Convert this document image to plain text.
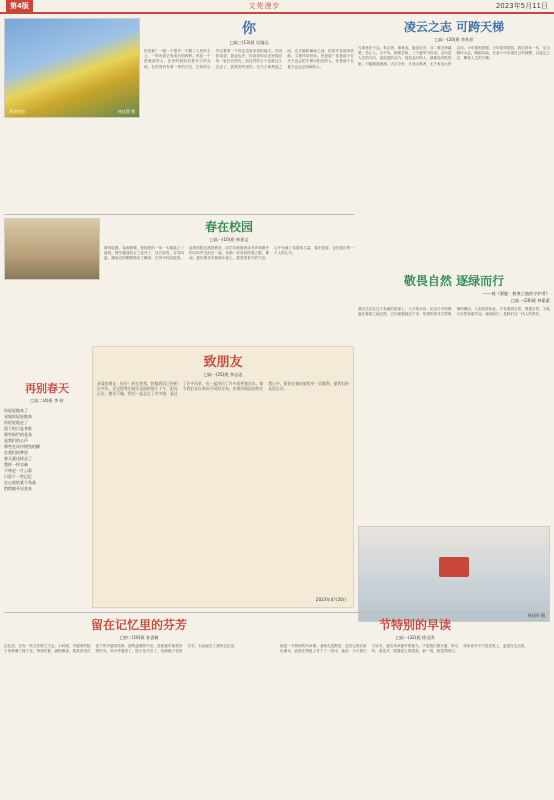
第4版	文苑漫步	2023年5月11日
黄花绽放	林佳慧 摄
你
□高三(13)班 吴镇远
你是谁？一眼一个很多一个鹅了人民的主义，一样有着它有成长的种种。你是一个很暖某的人，在你的面前有着多少的光明，在你背后有着一样的天空，在你的心中闪着着一个你还没有来到的地方。你说你希望，我说也许，你说你的目光里面总有一束长长的光，而这样的日子也就这么过去了。我常常听见你，在白天和黑夜之间，在长廊和操场之间，你的声音被风吹散，又被风带回来。你是谁？你是那个在冬天也会把手伸向阳光的人，你是那个在夏天也会记得雨的人。
凌云之志 可跨天梯
□高一(20)班 李兆祥
凡事皆在于志。有志者，事竟成，破釜沉舟，百二秦关终属楚；苦心人，天不负，卧薪尝胆，三千越甲可吞吴。志向是人生的方向，是前进的动力。没有志向的人，就像没有舵的船，只能随波逐流。古往今来，凡成大事者，无不有远大的志向。少年强则国强，少年智则国智。我们青年一代，应当胸怀大志，脚踏实地，在奋斗中实现自己的理想，以凌云之志，攀登人生的天梯。
春在校园
□高一(10)班 林嘉文
微风轻拂，春雨霏霏，校园里的一草一木都换上了新装。教学楼前的玉兰花开了，洁白如雪，芬芳四溢；操场边的柳树抽出了嫩芽，在风中轻轻摇曳。清晨的阳光洒进教室，同学们琅琅的读书声和窗外的鸟鸣声交织在一起，仿佛一首美妙的春之歌。课间，我们漫步在林荫小道上，感受着春天的气息，心中充满了希望和力量。春在校园，也在我们每一个人的心中。
敬畏自然 逐绿而行
——观《驯鹿：极寒之地的守护者》
□高一(26)班 林素素
我们生活在这个美丽的星球上，与万物共存。纪录片中的驯鹿在极寒之地迁徙，它们顽强地活下来，依靠的是对自然规律的顺应。人类同样如此，只有敬畏自然、尊重自然，才能与自然和谐共处。逐绿而行，是我们这一代人的责任。
再别春天
□高二(4)班 李 杉
你轻轻地来了
采如你轻轻地来
你轻轻地走了
留下的只是身影
那些灿烂的花朵
是我们的心声
那些在风中摇曳的柳
在我们的梦里
春天就这样走了
我挥一挥衣袖
不带走一片云彩
只留下一些记忆
在心底的某个角落
悄悄地开出花来
致朋友
□高一(25)班 李志忠
亲爱的朋友：你好！时光荏苒，转眼我们已经相识多年。还记得我们初次见面的那个下午，阳光正好，微风不燥。我们一起走过了许多路，看过了许多风景，也一起经历了许多欢笑和泪水。如今我们各自奔向不同的方向，但那份情谊始终在我心中。愿你在新的旅程中一切顺利，愿我们的友谊长存。
2023年4月20日
林丽华 摄
留在记忆里的芬芳
□初二(16)班 张喜颖
记忆里，总有一些芬芳挥之不去。小时候，外婆家的院子里种满了栀子花，每到初夏，满院飘香。我常常坐在花下听外婆讲故事，那些温暖的午后，是我童年最美好的时光。如今外婆老了，院子也不在了，但那栀子花的芬芳，永远留在了我的记忆里。
节特别的早读
□高一(32)班 徐灵涛
那是一节特别的早读课。老师走进教室，没有让我们拿出课本，而是在黑板上写下了一首诗。她说：今天我们不读书，我们来读窗外的春天。于是我们推开窗，听鸟鸣，看花开，闻着泥土的清香。那一刻，我忽然明白，原来读书不只是在纸上，更是在生活里。
